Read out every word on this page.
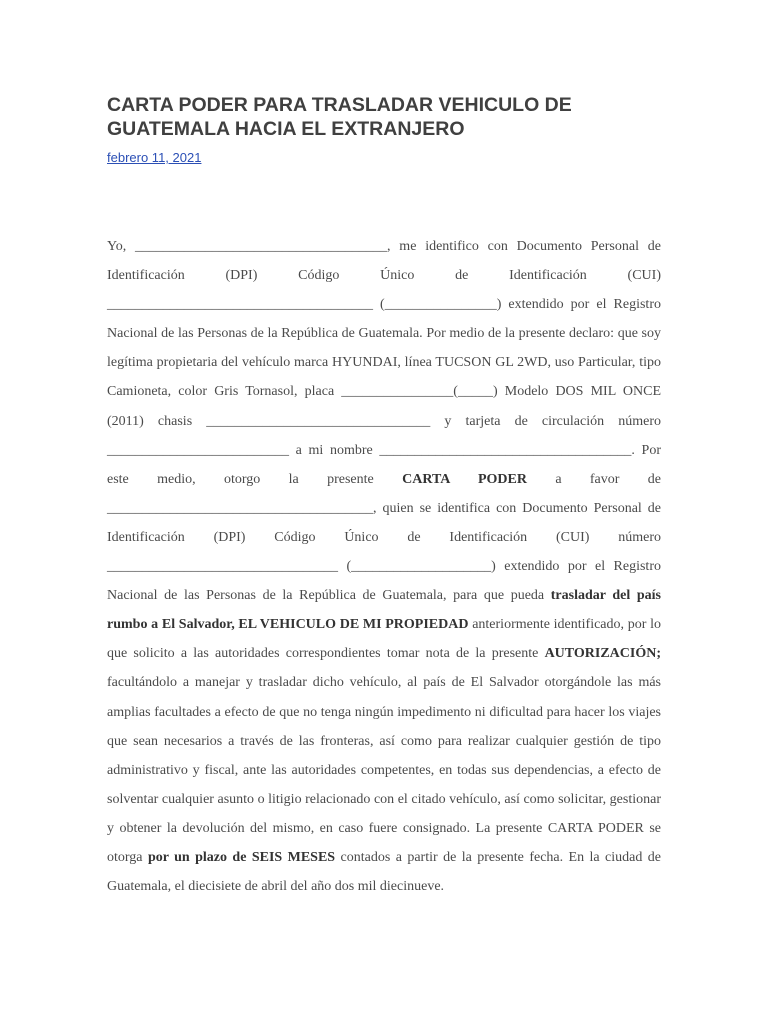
CARTA PODER PARA TRASLADAR VEHICULO DE GUATEMALA HACIA EL EXTRANJERO
febrero 11, 2021

Yo, ____________________________________, me identifico con Documento Personal de Identificación (DPI) Código Único de Identificación (CUI) ______________________________________ (________________) extendido por el Registro Nacional de las Personas de la República de Guatemala. Por medio de la presente declaro: que soy legítima propietaria del vehículo marca HYUNDAI, línea TUCSON GL 2WD, uso Particular, tipo Camioneta, color Gris Tornasol, placa ________________(_____) Modelo DOS MIL ONCE (2011) chasis ________________________________ y tarjeta de circulación número __________________________ a mi nombre ____________________________________. Por este medio, otorgo la presente CARTA PODER a favor de ______________________________________, quien se identifica con Documento Personal de Identificación (DPI) Código Único de Identificación (CUI) número _________________________________ (____________________) extendido por el Registro Nacional de las Personas de la República de Guatemala, para que pueda trasladar del país rumbo a El Salvador, EL VEHICULO DE MI PROPIEDAD anteriormente identificado, por lo que solicito a las autoridades correspondientes tomar nota de la presente AUTORIZACIÓN; facultándolo a manejar y trasladar dicho vehículo, al país de El Salvador otorgándole las más amplias facultades a efecto de que no tenga ningún impedimento ni dificultad para hacer los viajes que sean necesarios a través de las fronteras, así como para realizar cualquier gestión de tipo administrativo y fiscal, ante las autoridades competentes, en todas sus dependencias, a efecto de solventar cualquier asunto o litigio relacionado con el citado vehículo, así como solicitar, gestionar y obtener la devolución del mismo, en caso fuere consignado. La presente CARTA PODER se otorga por un plazo de SEIS MESES contados a partir de la presente fecha. En la ciudad de Guatemala, el diecisiete de abril del año dos mil diecinueve.
